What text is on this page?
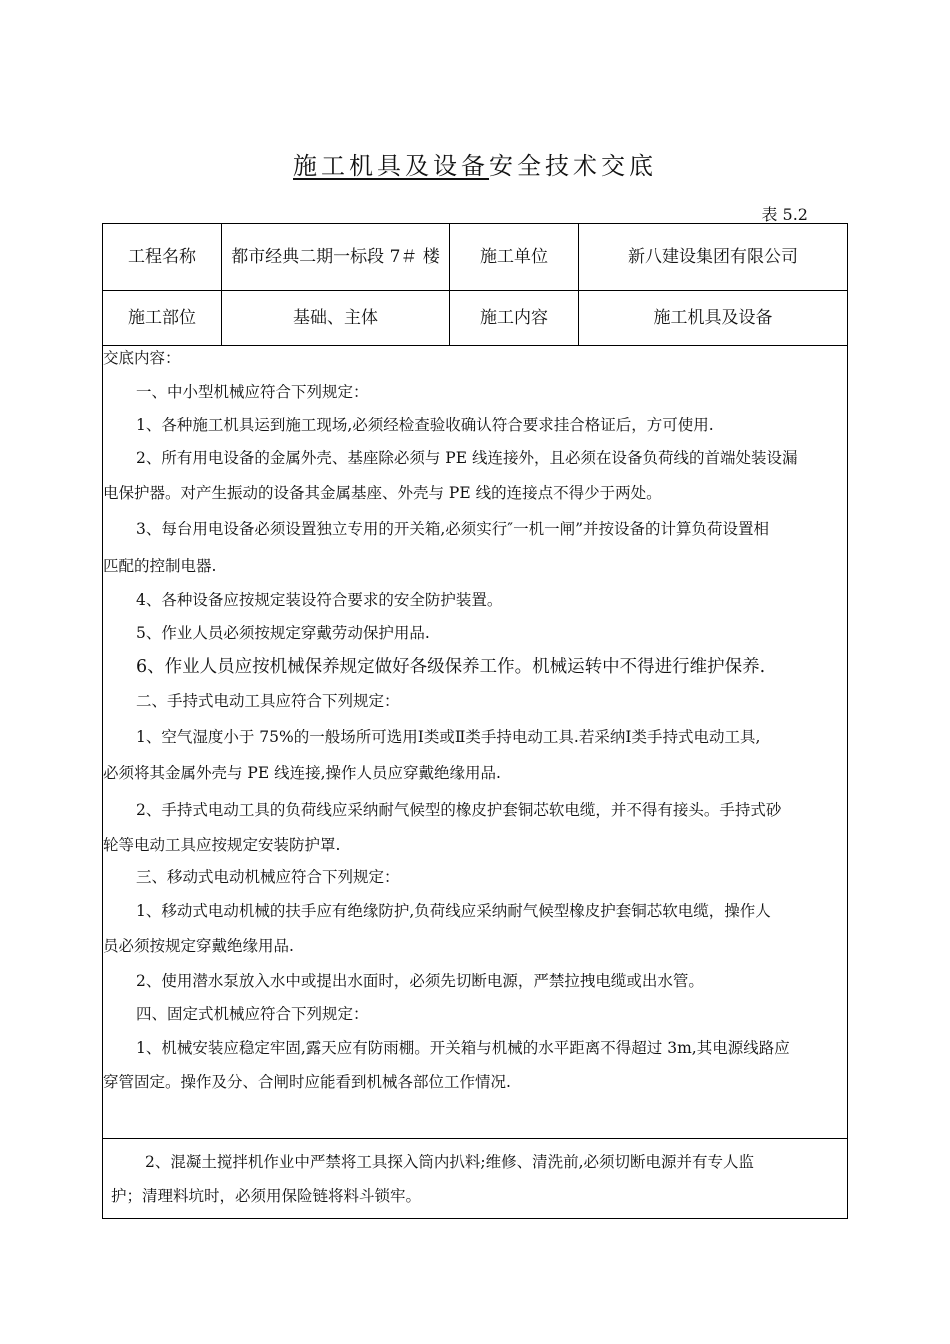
施工机具及设备安全技术交底
表 5.2
工程名称	都市经典二期一标段 7＃ 楼	施工单位	新八建设集团有限公司
施工部位	基础、主体	施工内容	施工机具及设备
交底内容：
一、中小型机械应符合下列规定：
1、各种施工机具运到施工现场,必须经检查验收确认符合要求挂合格证后，方可使用.
2、所有用电设备的金属外壳、基座除必须与 PE 线连接外，且必须在设备负荷线的首端处装设漏
电保护器。对产生振动的设备其金属基座、外壳与 PE 线的连接点不得少于两处。
3、每台用电设备必须设置独立专用的开关箱,必须实行″一机一闸”并按设备的计算负荷设置相
匹配的控制电器.
4、各种设备应按规定装设符合要求的安全防护装置。
5、作业人员必须按规定穿戴劳动保护用品.
6、作业人员应按机械保养规定做好各级保养工作。机械运转中不得进行维护保养.
二、手持式电动工具应符合下列规定：
1、空气湿度小于 75%的一般场所可选用Ⅰ类或Ⅱ类手持电动工具.若采纳Ⅰ类手持式电动工具,
必须将其金属外壳与 PE 线连接,操作人员应穿戴绝缘用品.
2、手持式电动工具的负荷线应采纳耐气候型的橡皮护套铜芯软电缆，并不得有接头。手持式砂
轮等电动工具应按规定安装防护罩.
三、移动式电动机械应符合下列规定：
1、移动式电动机械的扶手应有绝缘防护,负荷线应采纳耐气候型橡皮护套铜芯软电缆，操作人
员必须按规定穿戴绝缘用品.
2、使用潜水泵放入水中或提出水面时，必须先切断电源，严禁拉拽电缆或出水管。
四、固定式机械应符合下列规定：
1、机械安装应稳定牢固,露天应有防雨棚。开关箱与机械的水平距离不得超过 3m,其电源线路应
穿管固定。操作及分、合闸时应能看到机械各部位工作情况.
2、混凝土搅拌机作业中严禁将工具探入筒内扒料;维修、清洗前,必须切断电源并有专人监
护；清理料坑时，必须用保险链将料斗锁牢。
